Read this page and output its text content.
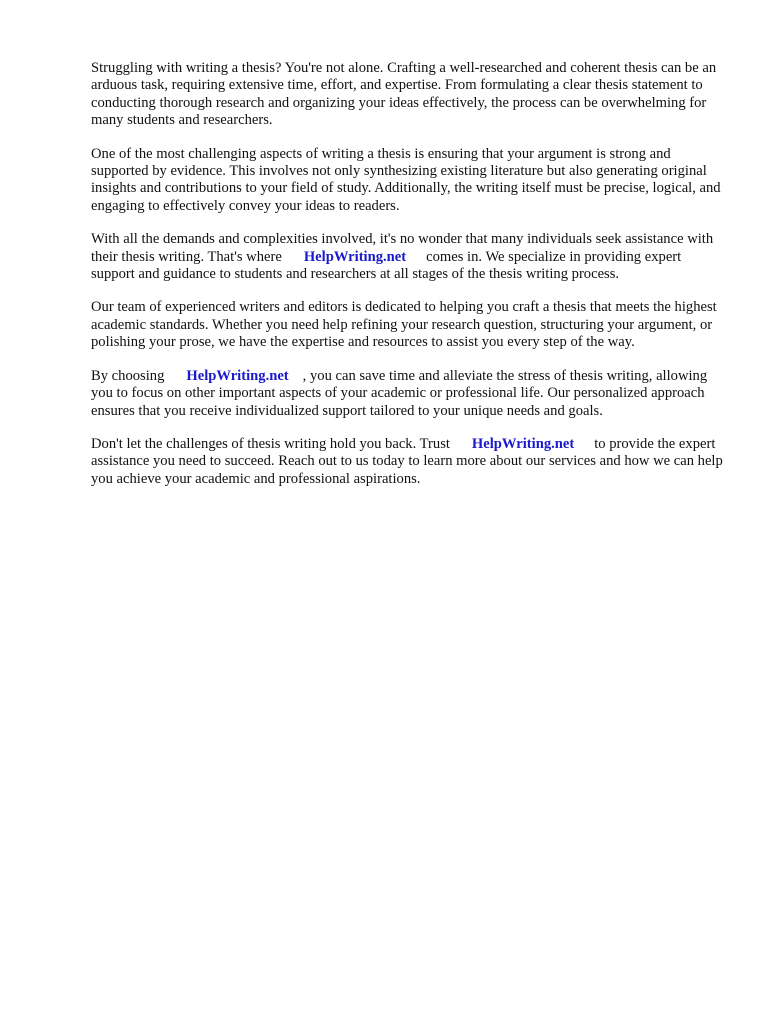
Struggling with writing a thesis? You're not alone. Crafting a well-researched and coherent thesis can be an arduous task, requiring extensive time, effort, and expertise. From formulating a clear thesis statement to conducting thorough research and organizing your ideas effectively, the process can be overwhelming for many students and researchers.

One of the most challenging aspects of writing a thesis is ensuring that your argument is strong and supported by evidence. This involves not only synthesizing existing literature but also generating original insights and contributions to your field of study. Additionally, the writing itself must be precise, logical, and engaging to effectively convey your ideas to readers.

With all the demands and complexities involved, it's no wonder that many individuals seek assistance with their thesis writing. That's where HelpWriting.net comes in. We specialize in providing expert support and guidance to students and researchers at all stages of the thesis writing process.

Our team of experienced writers and editors is dedicated to helping you craft a thesis that meets the highest academic standards. Whether you need help refining your research question, structuring your argument, or polishing your prose, we have the expertise and resources to assist you every step of the way.

By choosing HelpWriting.net , you can save time and alleviate the stress of thesis writing, allowing you to focus on other important aspects of your academic or professional life. Our personalized approach ensures that you receive individualized support tailored to your unique needs and goals.

Don't let the challenges of thesis writing hold you back. Trust HelpWriting.net to provide the expert assistance you need to succeed. Reach out to us today to learn more about our services and how we can help you achieve your academic and professional aspirations.
